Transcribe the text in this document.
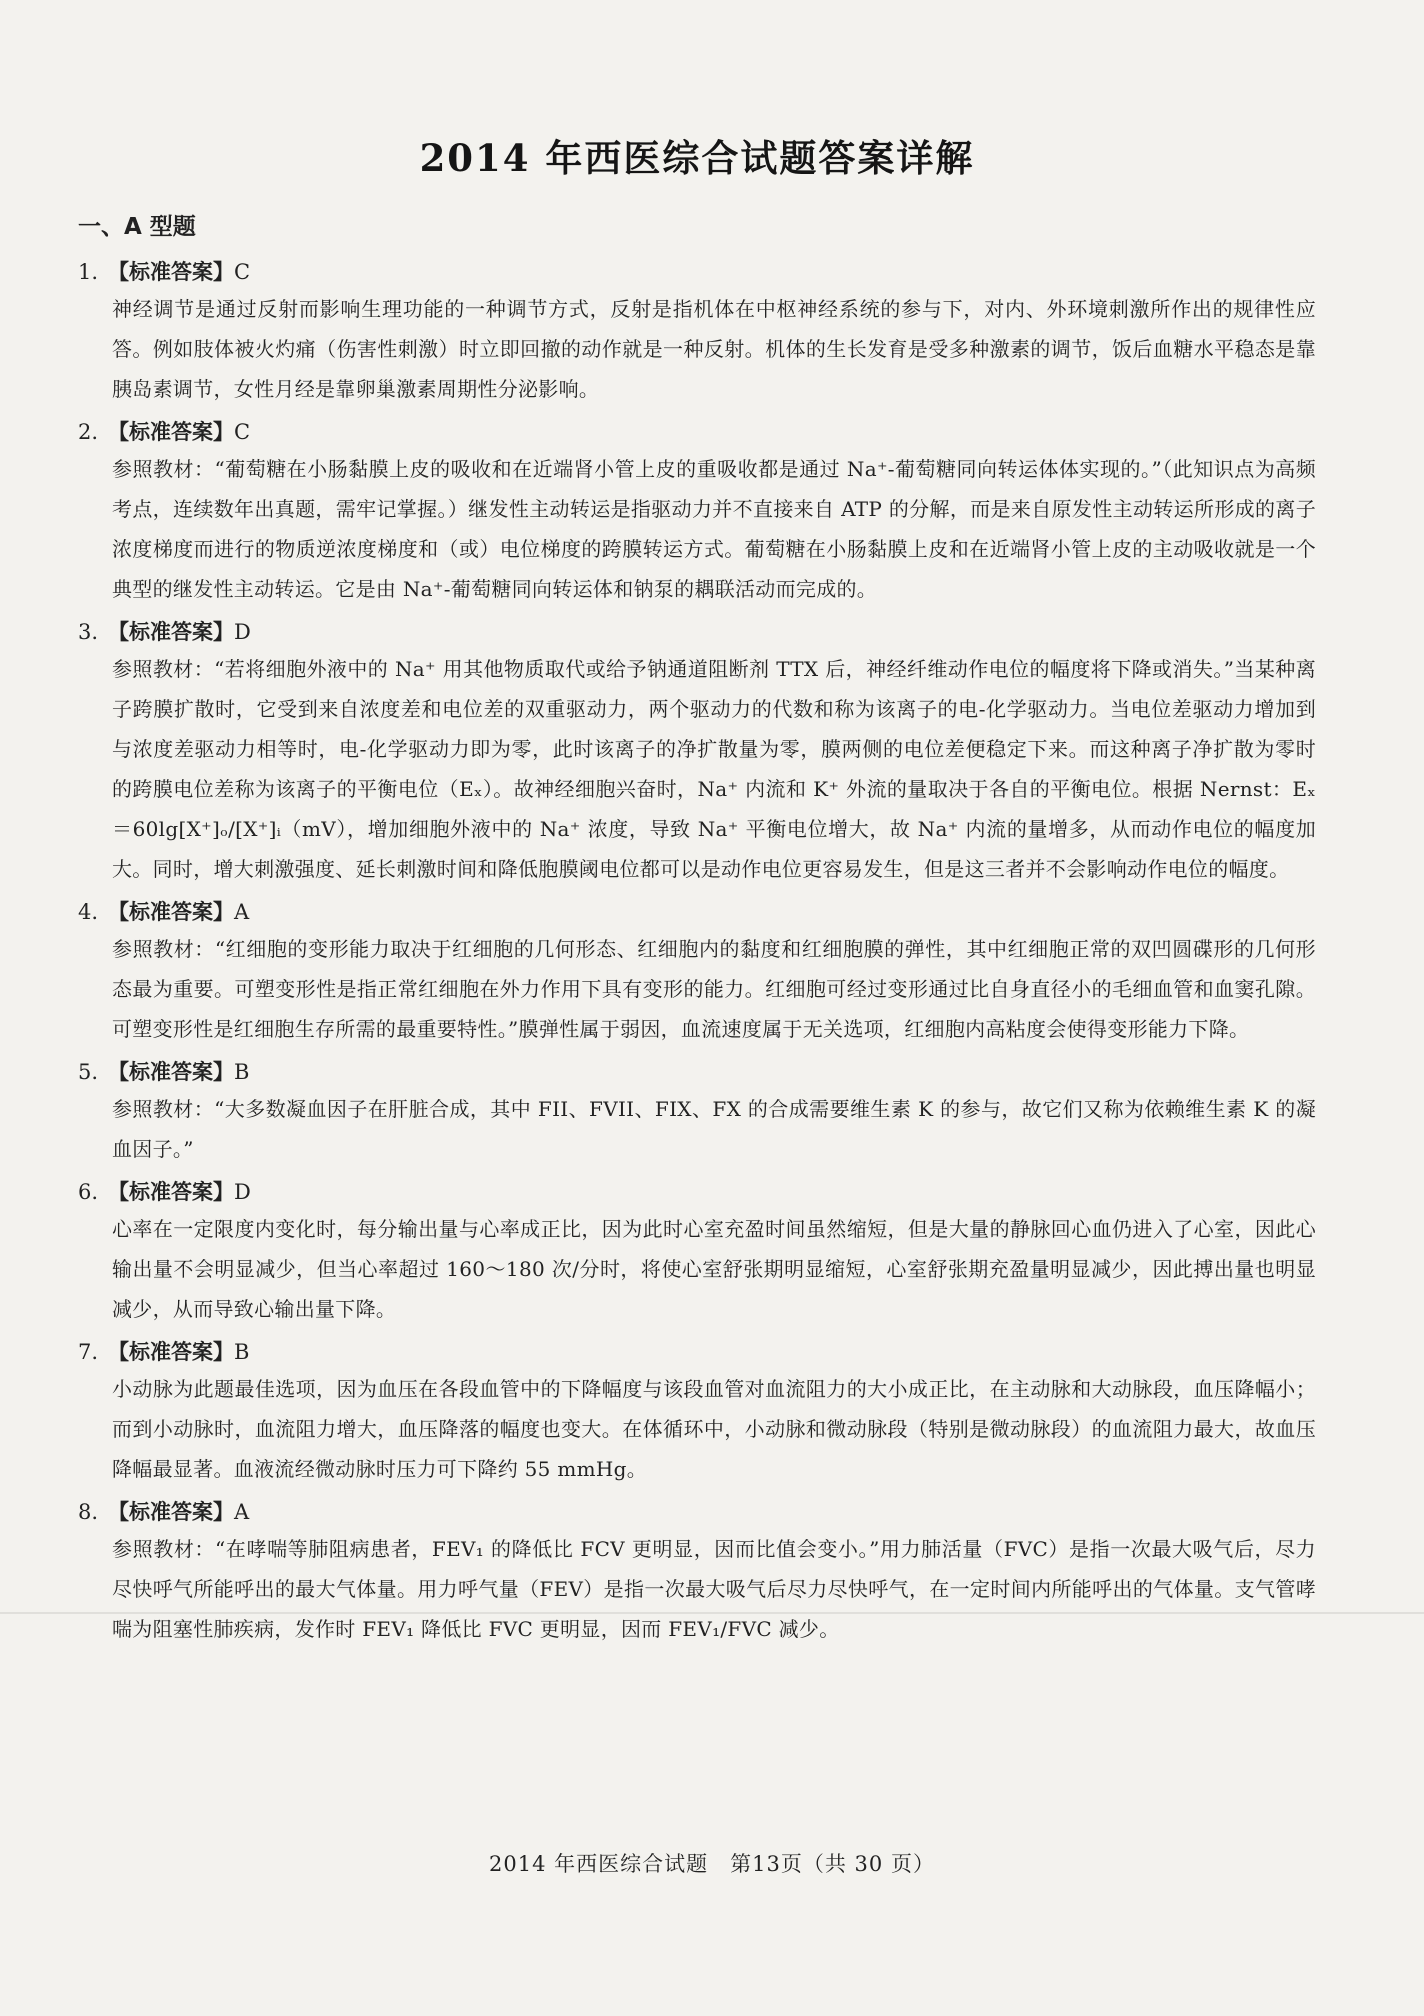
2014 年西医综合试题答案详解
一、A 型题

1. 【标准答案】C

神经调节是通过反射而影响生理功能的一种调节方式，反射是指机体在中枢神经系统的参与下，对内、外环境刺激所作出的规律性应答。例如肢体被火灼痛（伤害性刺激）时立即回撤的动作就是一种反射。机体的生长发育是受多种激素的调节，饭后血糖水平稳态是靠胰岛素调节，女性月经是靠卵巢激素周期性分泌影响。

2. 【标准答案】C

参照教材：“葡萄糖在小肠黏膜上皮的吸收和在近端肾小管上皮的重吸收都是通过 Na⁺-葡萄糖同向转运体体实现的。”（此知识点为高频考点，连续数年出真题，需牢记掌握。）继发性主动转运是指驱动力并不直接来自 ATP 的分解，而是来自原发性主动转运所形成的离子浓度梯度而进行的物质逆浓度梯度和（或）电位梯度的跨膜转运方式。葡萄糖在小肠黏膜上皮和在近端肾小管上皮的主动吸收就是一个典型的继发性主动转运。它是由 Na⁺-葡萄糖同向转运体和钠泵的耦联活动而完成的。

3. 【标准答案】D

参照教材：“若将细胞外液中的 Na⁺ 用其他物质取代或给予钠通道阻断剂 TTX 后，神经纤维动作电位的幅度将下降或消失。”当某种离子跨膜扩散时，它受到来自浓度差和电位差的双重驱动力，两个驱动力的代数和称为该离子的电-化学驱动力。当电位差驱动力增加到与浓度差驱动力相等时，电-化学驱动力即为零，此时该离子的净扩散量为零，膜两侧的电位差便稳定下来。而这种离子净扩散为零时的跨膜电位差称为该离子的平衡电位（Eₓ）。故神经细胞兴奋时，Na⁺ 内流和 K⁺ 外流的量取决于各自的平衡电位。根据 Nernst：Eₓ＝60lg[X⁺]ₒ/[X⁺]ᵢ（mV），增加细胞外液中的 Na⁺ 浓度，导致 Na⁺ 平衡电位增大，故 Na⁺ 内流的量增多，从而动作电位的幅度加大。同时，增大刺激强度、延长刺激时间和降低胞膜阈电位都可以是动作电位更容易发生，但是这三者并不会影响动作电位的幅度。

4. 【标准答案】A

参照教材：“红细胞的变形能力取决于红细胞的几何形态、红细胞内的黏度和红细胞膜的弹性，其中红细胞正常的双凹圆碟形的几何形态最为重要。可塑变形性是指正常红细胞在外力作用下具有变形的能力。红细胞可经过变形通过比自身直径小的毛细血管和血窦孔隙。可塑变形性是红细胞生存所需的最重要特性。”膜弹性属于弱因，血流速度属于无关选项，红细胞内高粘度会使得变形能力下降。

5. 【标准答案】B

参照教材：“大多数凝血因子在肝脏合成，其中 FII、FVII、FIX、FX 的合成需要维生素 K 的参与，故它们又称为依赖维生素 K 的凝血因子。”

6. 【标准答案】D

心率在一定限度内变化时，每分输出量与心率成正比，因为此时心室充盈时间虽然缩短，但是大量的静脉回心血仍进入了心室，因此心输出量不会明显减少，但当心率超过 160～180 次/分时，将使心室舒张期明显缩短，心室舒张期充盈量明显减少，因此搏出量也明显减少，从而导致心输出量下降。

7. 【标准答案】B

小动脉为此题最佳选项，因为血压在各段血管中的下降幅度与该段血管对血流阻力的大小成正比，在主动脉和大动脉段，血压降幅小；而到小动脉时，血流阻力增大，血压降落的幅度也变大。在体循环中，小动脉和微动脉段（特别是微动脉段）的血流阻力最大，故血压降幅最显著。血液流经微动脉时压力可下降约 55 mmHg。

8. 【标准答案】A

参照教材：“在哮喘等肺阻病患者，FEV₁ 的降低比 FCV 更明显，因而比值会变小。”用力肺活量（FVC）是指一次最大吸气后，尽力尽快呼气所能呼出的最大气体量。用力呼气量（FEV）是指一次最大吸气后尽力尽快呼气，在一定时间内所能呼出的气体量。支气管哮喘为阻塞性肺疾病，发作时 FEV₁ 降低比 FVC 更明显，因而 FEV₁/FVC 减少。

2014 年西医综合试题　第13页（共 30 页）
